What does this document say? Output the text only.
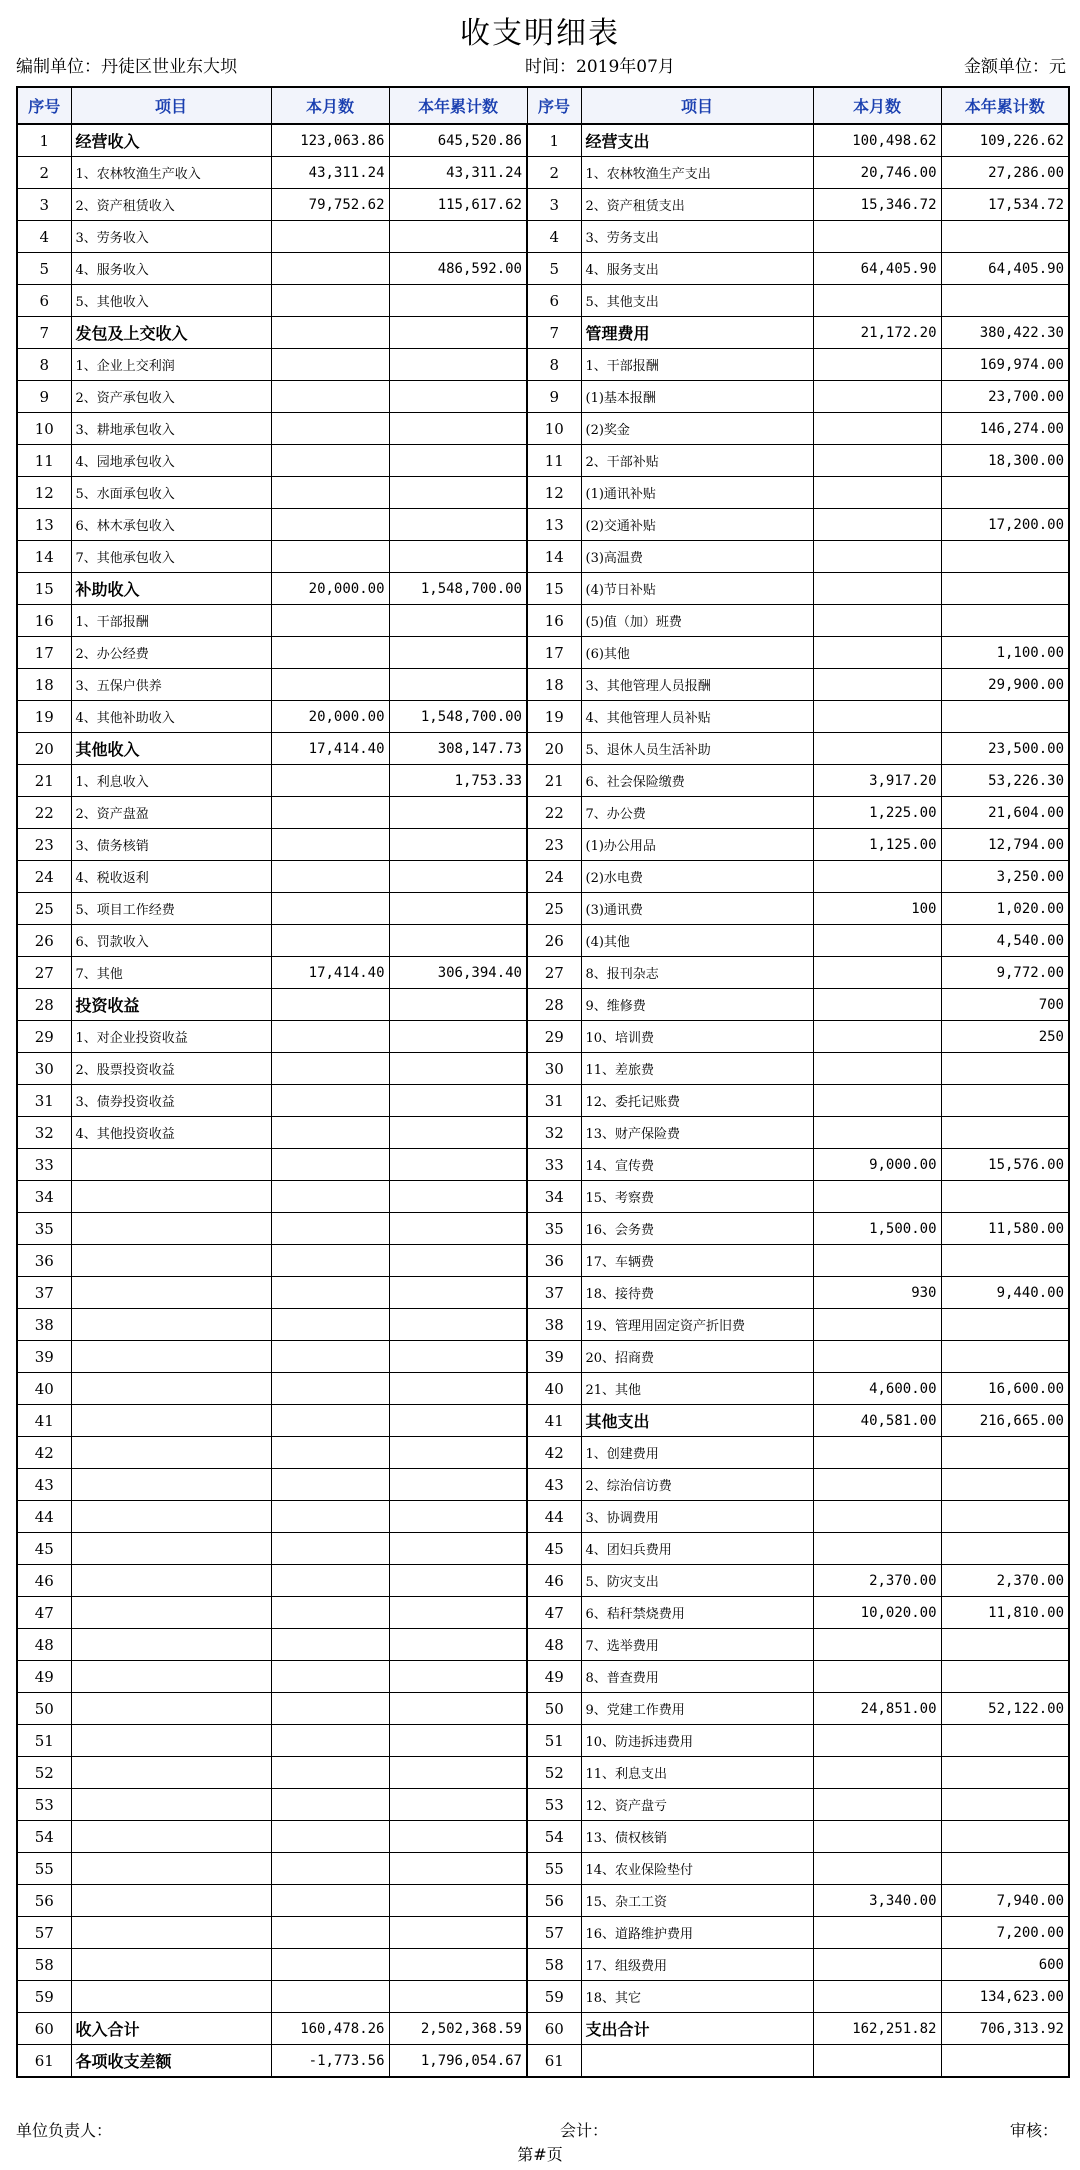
收支明细表
编制单位：丹徒区世业东大坝	时间：2019年07月	金额单位：元
序号	项目	本月数	本年累计数	序号	项目	本月数	本年累计数
1	经营收入	123,063.86	645,520.86	1	经营支出	100,498.62	109,226.62
2	1、农林牧渔生产收入	43,311.24	43,311.24	2	1、农林牧渔生产支出	20,746.00	27,286.00
3	2、资产租赁收入	79,752.62	115,617.62	3	2、资产租赁支出	15,346.72	17,534.72
4	3、劳务收入			4	3、劳务支出		
5	4、服务收入		486,592.00	5	4、服务支出	64,405.90	64,405.90
6	5、其他收入			6	5、其他支出		
7	发包及上交收入			7	管理费用	21,172.20	380,422.30
8	1、企业上交利润			8	1、干部报酬		169,974.00
9	2、资产承包收入			9	(1)基本报酬		23,700.00
10	3、耕地承包收入			10	(2)奖金		146,274.00
11	4、园地承包收入			11	2、干部补贴		18,300.00
12	5、水面承包收入			12	(1)通讯补贴		
13	6、林木承包收入			13	(2)交通补贴		17,200.00
14	7、其他承包收入			14	(3)高温费		
15	补助收入	20,000.00	1,548,700.00	15	(4)节日补贴		
16	1、干部报酬			16	(5)值（加）班费		
17	2、办公经费			17	(6)其他		1,100.00
18	3、五保户供养			18	3、其他管理人员报酬		29,900.00
19	4、其他补助收入	20,000.00	1,548,700.00	19	4、其他管理人员补贴		
20	其他收入	17,414.40	308,147.73	20	5、退休人员生活补助		23,500.00
21	1、利息收入		1,753.33	21	6、社会保险缴费	3,917.20	53,226.30
22	2、资产盘盈			22	7、办公费	1,225.00	21,604.00
23	3、债务核销			23	(1)办公用品	1,125.00	12,794.00
24	4、税收返利			24	(2)水电费		3,250.00
25	5、项目工作经费			25	(3)通讯费	100	1,020.00
26	6、罚款收入			26	(4)其他		4,540.00
27	7、其他	17,414.40	306,394.40	27	8、报刊杂志		9,772.00
28	投资收益			28	9、维修费		700
29	1、对企业投资收益			29	10、培训费		250
30	2、股票投资收益			30	11、差旅费		
31	3、债券投资收益			31	12、委托记账费		
32	4、其他投资收益			32	13、财产保险费		
33				33	14、宣传费	9,000.00	15,576.00
34				34	15、考察费		
35				35	16、会务费	1,500.00	11,580.00
36				36	17、车辆费		
37				37	18、接待费	930	9,440.00
38				38	19、管理用固定资产折旧费		
39				39	20、招商费		
40				40	21、其他	4,600.00	16,600.00
41				41	其他支出	40,581.00	216,665.00
42				42	1、创建费用		
43				43	2、综治信访费		
44				44	3、协调费用		
45				45	4、团妇兵费用		
46				46	5、防灾支出	2,370.00	2,370.00
47				47	6、秸秆禁烧费用	10,020.00	11,810.00
48				48	7、选举费用		
49				49	8、普查费用		
50				50	9、党建工作费用	24,851.00	52,122.00
51				51	10、防违拆违费用		
52				52	11、利息支出		
53				53	12、资产盘亏		
54				54	13、债权核销		
55				55	14、农业保险垫付		
56				56	15、杂工工资	3,340.00	7,940.00
57				57	16、道路维护费用		7,200.00
58				58	17、组级费用		600
59				59	18、其它		134,623.00
60	收入合计	160,478.26	2,502,368.59	60	支出合计	162,251.82	706,313.92
61	各项收支差额	-1,773.56	1,796,054.67	61			
单位负责人：	会计：	审核：
第#页
